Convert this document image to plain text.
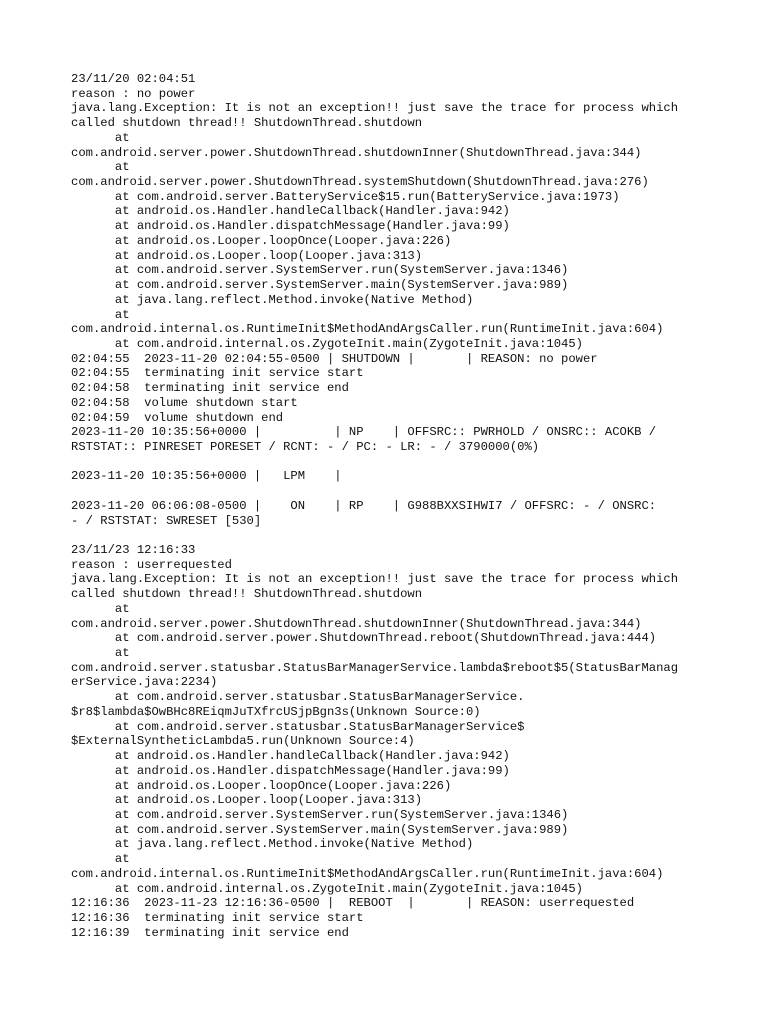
23/11/20 02:04:51
reason : no power
java.lang.Exception: It is not an exception!! just save the trace for process which
called shutdown thread!! ShutdownThread.shutdown
at
com.android.server.power.ShutdownThread.shutdownInner(ShutdownThread.java:344)
at
com.android.server.power.ShutdownThread.systemShutdown(ShutdownThread.java:276)
at com.android.server.BatteryService$15.run(BatteryService.java:1973)
at android.os.Handler.handleCallback(Handler.java:942)
at android.os.Handler.dispatchMessage(Handler.java:99)
at android.os.Looper.loopOnce(Looper.java:226)
at android.os.Looper.loop(Looper.java:313)
at com.android.server.SystemServer.run(SystemServer.java:1346)
at com.android.server.SystemServer.main(SystemServer.java:989)
at java.lang.reflect.Method.invoke(Native Method)
at
com.android.internal.os.RuntimeInit$MethodAndArgsCaller.run(RuntimeInit.java:604)
at com.android.internal.os.ZygoteInit.main(ZygoteInit.java:1045)
02:04:55  2023-11-20 02:04:55-0500 | SHUTDOWN |       | REASON: no power
02:04:55  terminating init service start
02:04:58  terminating init service end
02:04:58  volume shutdown start
02:04:59  volume shutdown end
2023-11-20 10:35:56+0000 |          | NP    | OFFSRC:: PWRHOLD / ONSRC:: ACOKB /
RSTSTAT:: PINRESET PORESET / RCNT: - / PC: - LR: - / 3790000(0%)
2023-11-20 10:35:56+0000 |   LPM    |
2023-11-20 06:06:08-0500 |    ON    | RP    | G988BXXSIHWI7 / OFFSRC: - / ONSRC:
- / RSTSTAT: SWRESET [530]
23/11/23 12:16:33
reason : userrequested
java.lang.Exception: It is not an exception!! just save the trace for process which
called shutdown thread!! ShutdownThread.shutdown
at
com.android.server.power.ShutdownThread.shutdownInner(ShutdownThread.java:344)
at com.android.server.power.ShutdownThread.reboot(ShutdownThread.java:444)
at
com.android.server.statusbar.StatusBarManagerService.lambda$reboot$5(StatusBarManag
erService.java:2234)
at com.android.server.statusbar.StatusBarManagerService.
$r8$lambda$OwBHc8REiqmJuTXfrcUSjpBgn3s(Unknown Source:0)
at com.android.server.statusbar.StatusBarManagerService$
$ExternalSyntheticLambda5.run(Unknown Source:4)
at android.os.Handler.handleCallback(Handler.java:942)
at android.os.Handler.dispatchMessage(Handler.java:99)
at android.os.Looper.loopOnce(Looper.java:226)
at android.os.Looper.loop(Looper.java:313)
at com.android.server.SystemServer.run(SystemServer.java:1346)
at com.android.server.SystemServer.main(SystemServer.java:989)
at java.lang.reflect.Method.invoke(Native Method)
at
com.android.internal.os.RuntimeInit$MethodAndArgsCaller.run(RuntimeInit.java:604)
at com.android.internal.os.ZygoteInit.main(ZygoteInit.java:1045)
12:16:36  2023-11-23 12:16:36-0500 |  REBOOT  |       | REASON: userrequested
12:16:36  terminating init service start
12:16:39  terminating init service end
